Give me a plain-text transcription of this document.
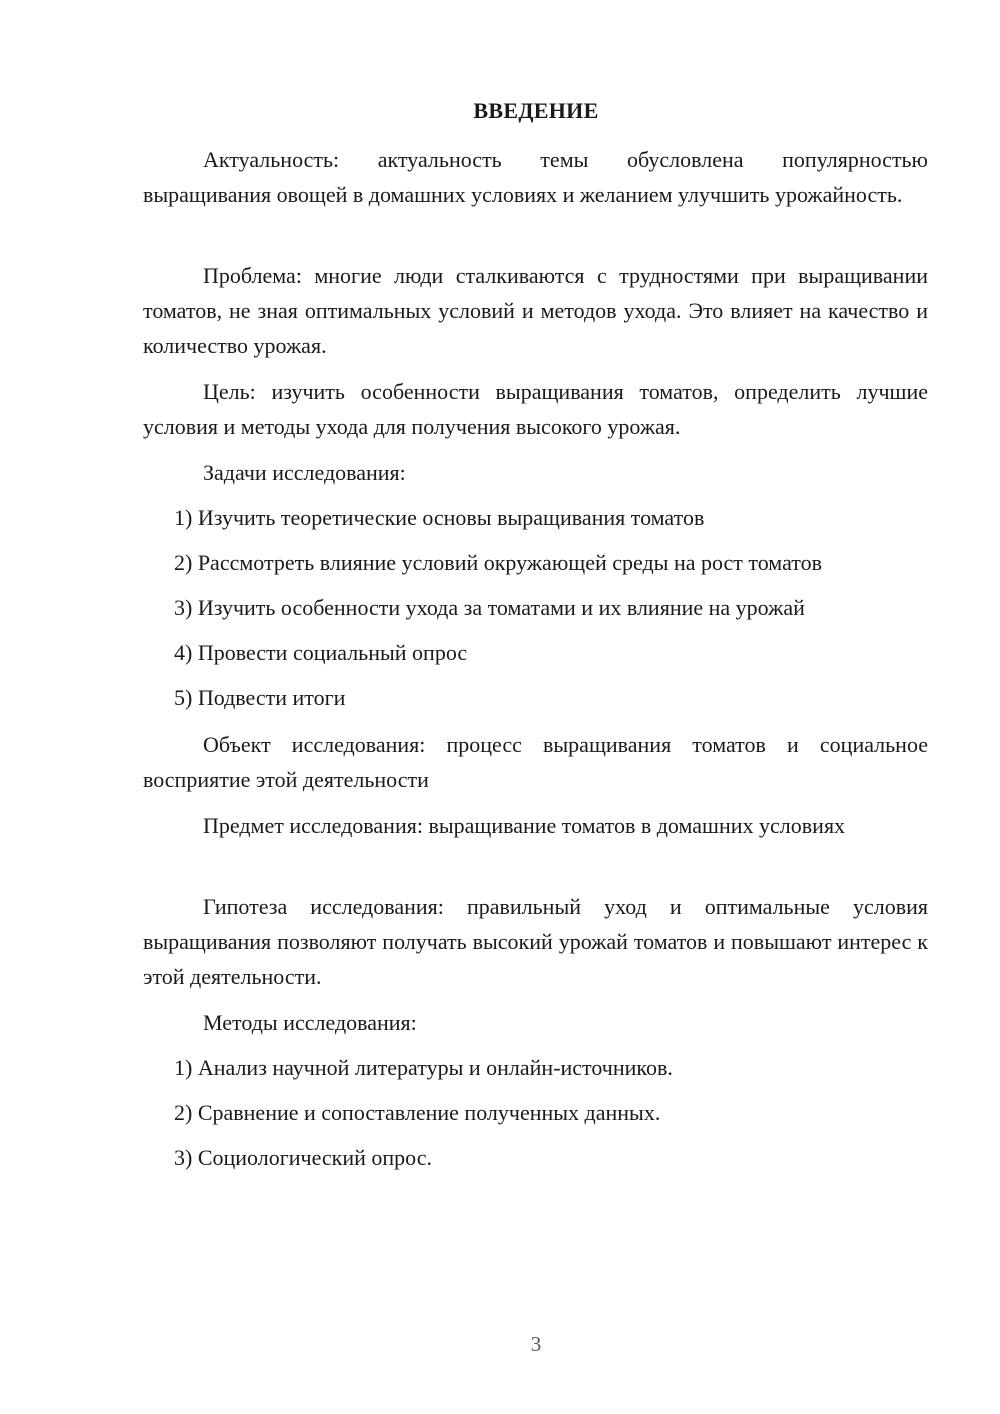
ВВЕДЕНИЕ

Актуальность: актуальность темы обусловлена популярностью выращивания овощей в домашних условиях и желанием улучшить урожайность.

Проблема: многие люди сталкиваются с трудностями при выращивании томатов, не зная оптимальных условий и методов ухода. Это влияет на качество и количество урожая.

Цель: изучить особенности выращивания томатов, определить лучшие условия и методы ухода для получения высокого урожая.

Задачи исследования:
1) Изучить теоретические основы выращивания томатов
2) Рассмотреть влияние условий окружающей среды на рост томатов
3) Изучить особенности ухода за томатами и их влияние на урожай
4) Провести социальный опрос
5) Подвести итоги

Объект исследования: процесс выращивания томатов и социальное восприятие этой деятельности

Предмет исследования: выращивание томатов в домашних условиях

Гипотеза исследования: правильный уход и оптимальные условия выращивания позволяют получать высокий урожай томатов и повышают интерес к этой деятельности.

Методы исследования:
1) Анализ научной литературы и онлайн-источников.
2) Сравнение и сопоставление полученных данных.
3) Социологический опрос.
3
